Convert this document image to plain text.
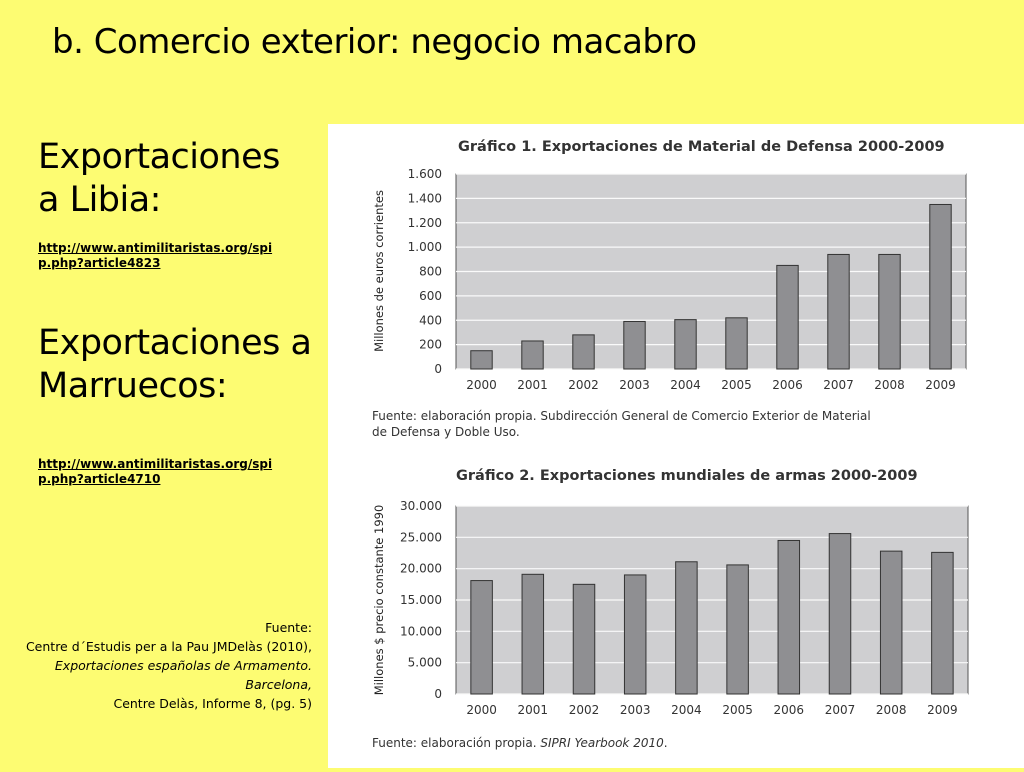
b. Comercio exterior: negocio macabro

Exportaciones a Libia:

http://www.antimilitaristas.org/spip.php?article4823

Exportaciones a Marruecos:

http://www.antimilitaristas.org/spip.php?article4710
Fuente:
Centre d´Estudis per a la Pau JMDelàs (2010),
Exportaciones españolas de Armamento.
Barcelona,
Centre Delàs, Informe 8, (pg. 5)
Gráfico 1. Exportaciones de Material de Defensa 2000-2009
Millones de euros corrientes
0
200
400
600
800
1.000
1.200
1.400
1.600
2000 2001 2002 2003 2004 2005 2006 2007 2008 2009
Fuente: elaboración propia. Subdirección General de Comercio Exterior de Material de Defensa y Doble Uso.
Gráfico 2. Exportaciones mundiales de armas 2000-2009
Millones $ precio constante 1990	0
5.000
10.000
15.000
20.000
25.000
30.000
2000 2001 2002 2003 2004 2005 2006 2007 2008 2009
Fuente: elaboración propia. SIPRI Yearbook 2010.
